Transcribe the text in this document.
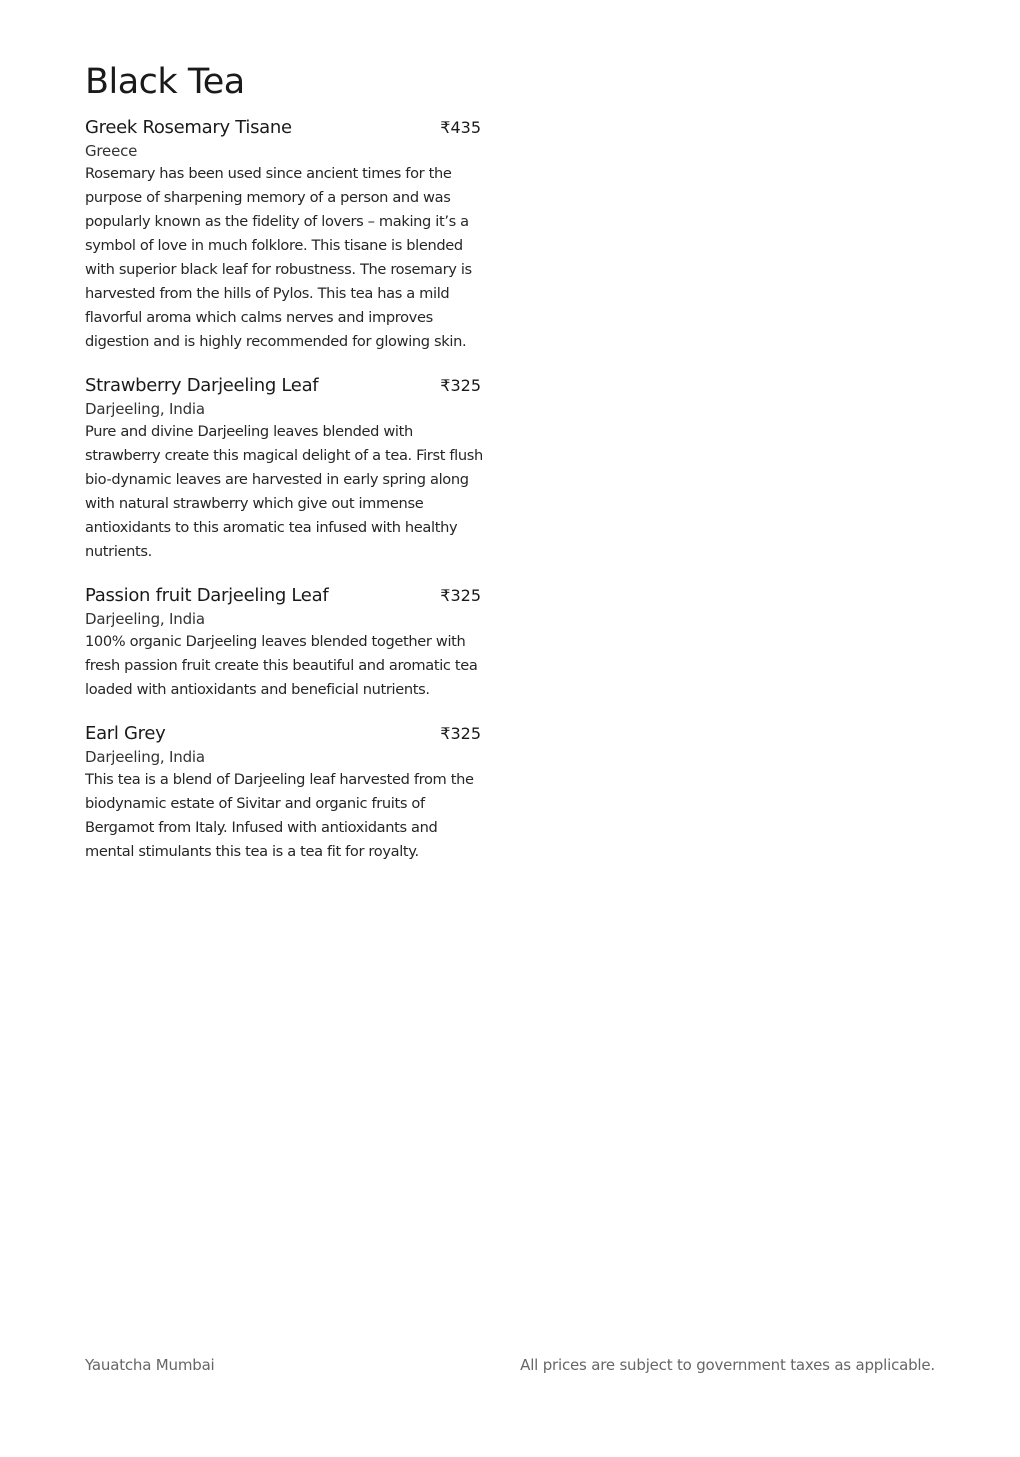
Black Tea
Greek Rosemary Tisane	₹435
Greece
Rosemary has been used since ancient times for the purpose of sharpening memory of a person and was popularly known as the fidelity of lovers – making it’s a symbol of love in much folklore. This tisane is blended with superior black leaf for robustness. The rosemary is harvested from the hills of Pylos. This tea has a mild flavorful aroma which calms nerves and improves digestion and is highly recommended for glowing skin.
Strawberry Darjeeling Leaf	₹325
Darjeeling, India
Pure and divine Darjeeling leaves blended with strawberry create this magical delight of a tea. First flush bio-dynamic leaves are harvested in early spring along with natural strawberry which give out immense antioxidants to this aromatic tea infused with healthy nutrients.
Passion fruit Darjeeling Leaf	₹325
Darjeeling, India
100% organic Darjeeling leaves blended together with fresh passion fruit create this beautiful and aromatic tea loaded with antioxidants and beneficial nutrients.
Earl Grey	₹325
Darjeeling, India
This tea is a blend of Darjeeling leaf harvested from the biodynamic estate of Sivitar and organic fruits of Bergamot from Italy. Infused with antioxidants and mental stimulants this tea is a tea fit for royalty.
Yauatcha Mumbai	All prices are subject to government taxes as applicable.
